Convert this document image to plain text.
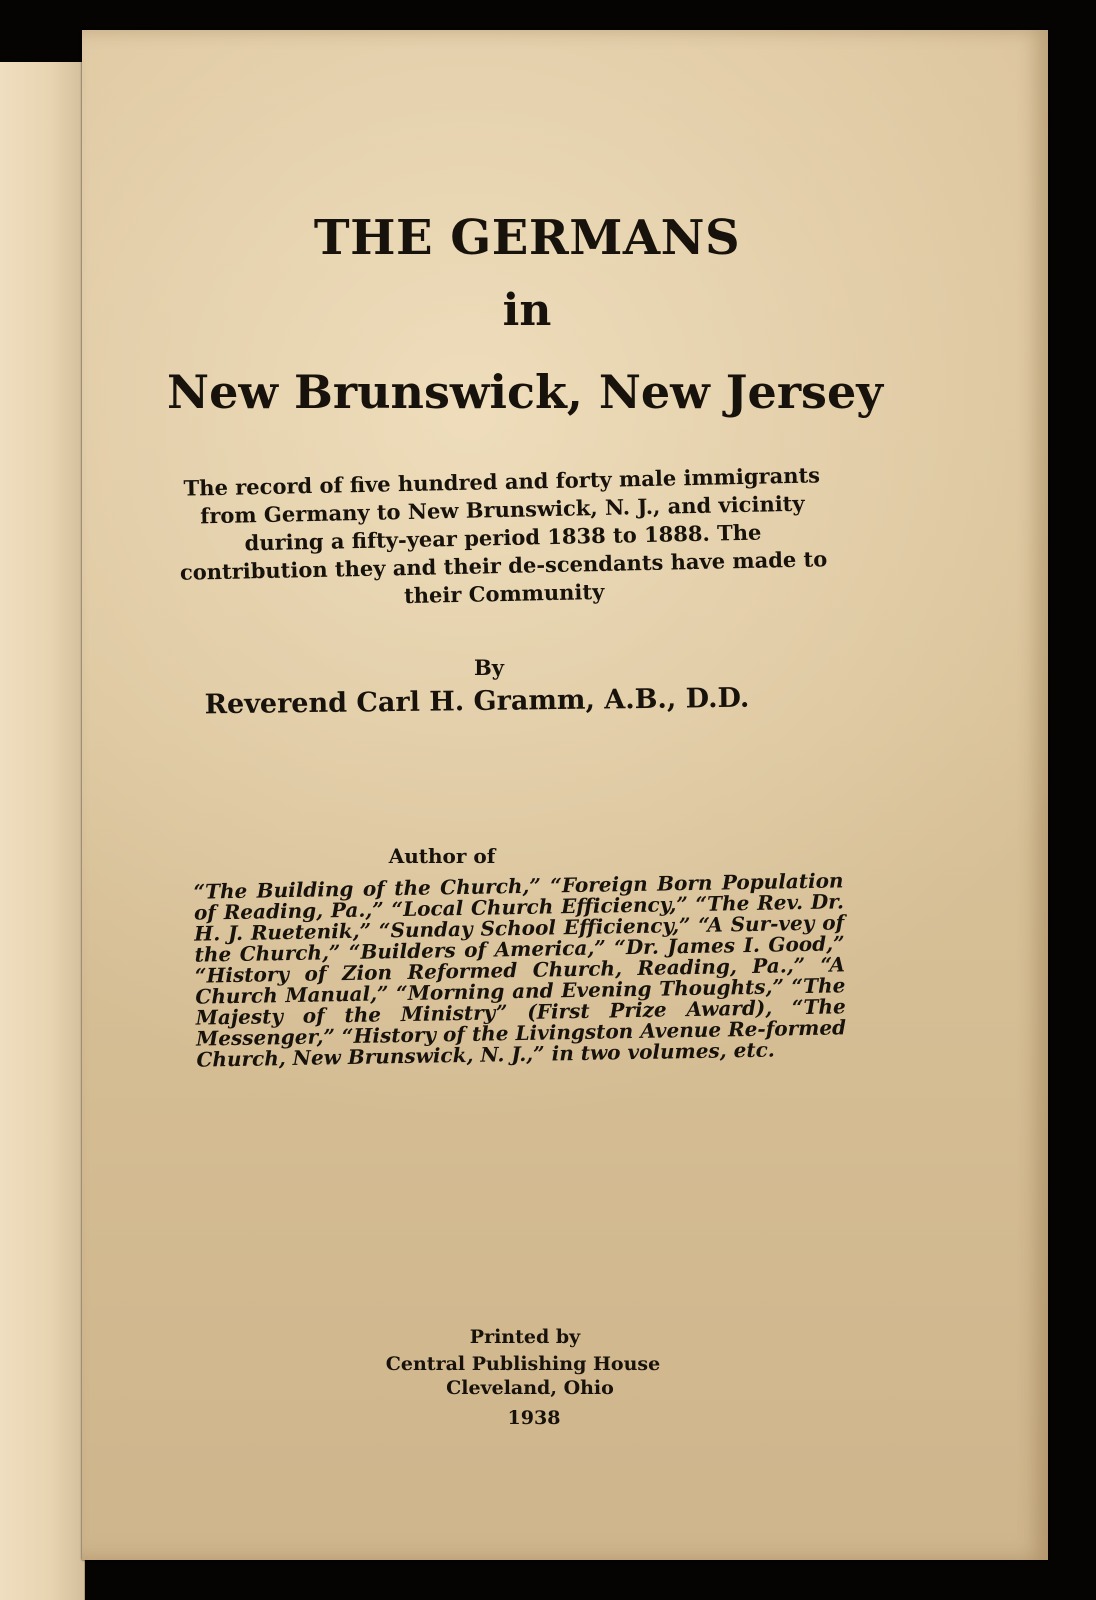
THE GERMANS
in
New Brunswick, New Jersey

The record of five hundred and forty male immigrants from Germany to New Brunswick, N. J., and vicinity during a fifty-year period 1838 to 1888. The contribution they and their de-scendants have made to their Community

By
Reverend Carl H. Gramm, A.B., D.D.
Author of

“The Building of the Church,” “Foreign Born Population of Reading, Pa.,” “Local Church Efficiency,” “The Rev. Dr. H. J. Ruetenik,” “Sunday School Efficiency,” “A Sur-vey of the Church,” “Builders of America,” “Dr. James I. Good,” “History of Zion Reformed Church, Reading, Pa.,” “A Church Manual,” “Morning and Evening Thoughts,” “The Majesty of the Ministry” (First Prize Award), “The Messenger,” “History of the Livingston Avenue Re-formed Church, New Brunswick, N. J.,” in two volumes, etc.

Printed by
Central Publishing House
Cleveland, Ohio
1938
